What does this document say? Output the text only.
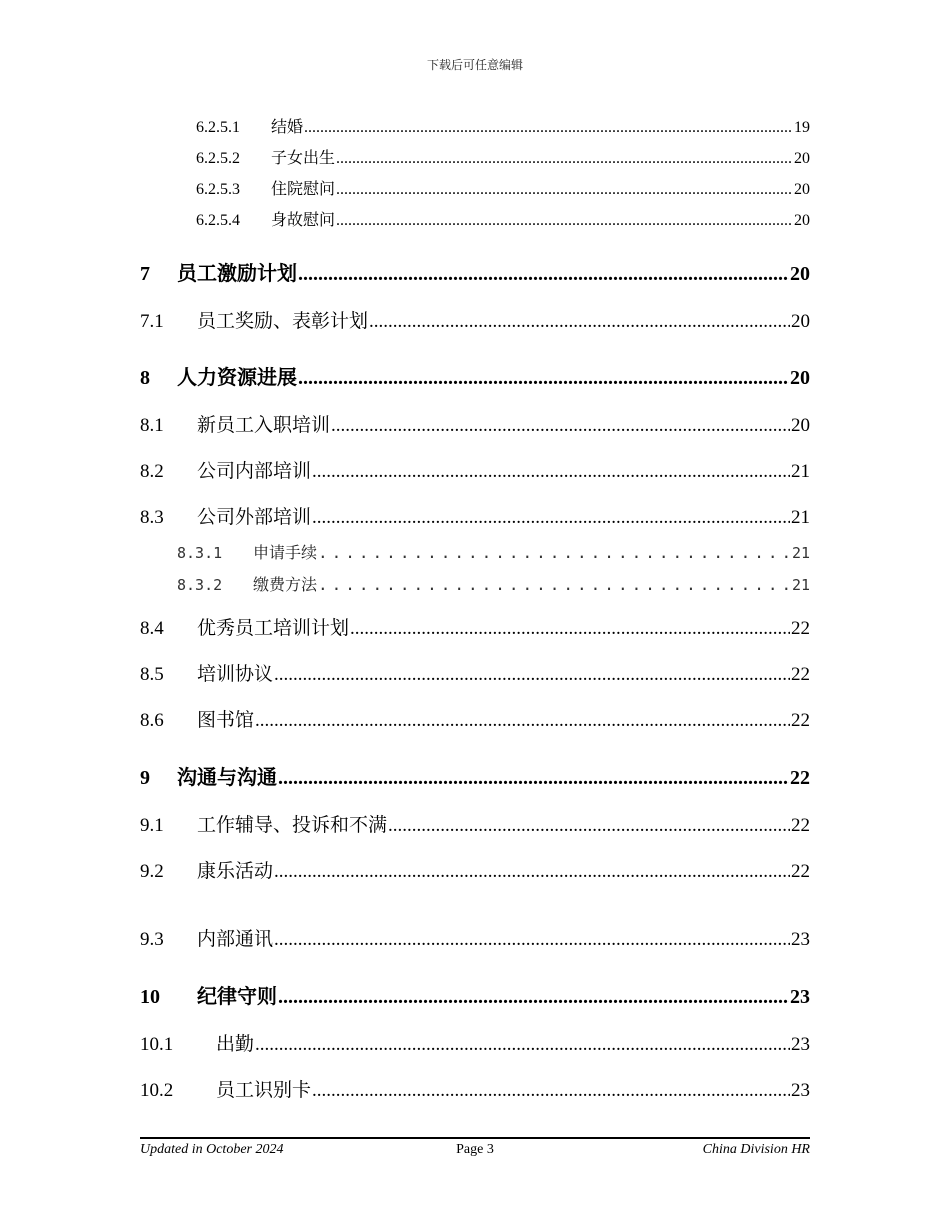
下载后可任意编辑
6.2.5.1	结婚 .....	19
6.2.5.2	子女出生 .....	20
6.2.5.3	住院慰问 .....	20
6.2.5.4	身故慰问 .....	20
7	员工激励计划 .....	20
7.1	员工奖励、表彰计划 .....	20
8	人力资源进展 .....	20
8.1	新员工入职培训 .....	20
8.2	公司内部培训 .....	21
8.3	公司外部培训 .....	21
8.3.1	申请手续 .....	21
8.3.2	缴费方法 .....	21
8.4	优秀员工培训计划 .....	22
8.5	培训协议 .....	22
8.6	图书馆 .....	22
9	沟通与沟通 .....	22
9.1	工作辅导、投诉和不满 .....	22
9.2	康乐活动 .....	22
9.3	内部通讯 .....	23
10	纪律守则 .....	23
10.1	出勤 .....	23
10.2	员工识别卡 .....	23
Updated in October 2024	Page 3	China Division HR
